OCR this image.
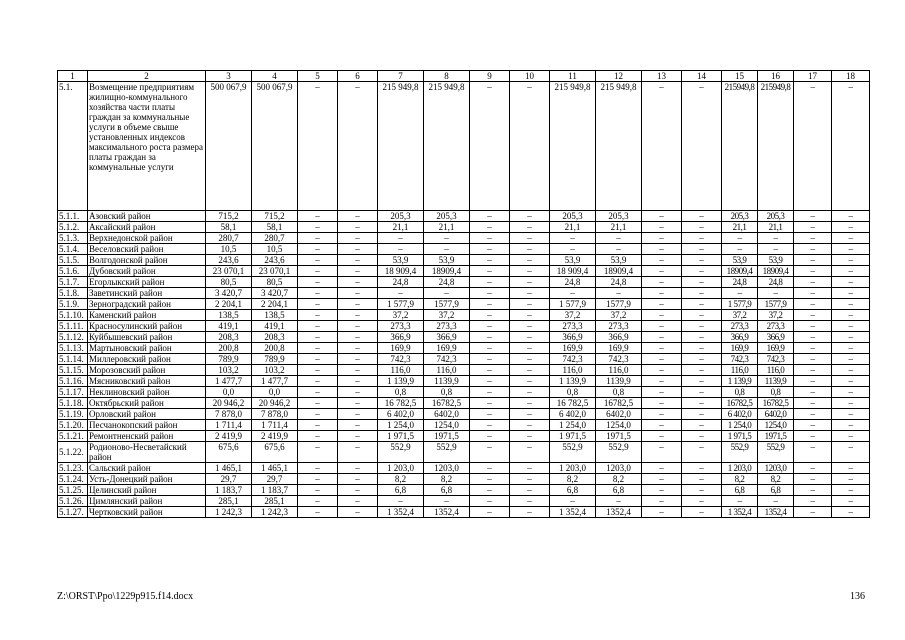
1	2	3	4	5	6	7	8	9	10	11	12	13	14	15	16	17	18
5.1.	Возмещение предприятиям жилищно-коммунального хозяйства части платы граждан за коммунальные услуги в объеме свыше установленных индексов максимального роста размера платы граждан за коммунальные услуги	500 067,9	500 067,9	–	–	215 949,8	215 949,8	–	–	215 949,8	215 949,8	–	–	215949,8	215949,8	–	–
5.1.1.	Азовский район	715,2	715,2	–	–	205,3	205,3	–	–	205,3	205,3	–	–	205,3	205,3	–	–
5.1.2.	Аксайский район	58,1	58,1	–	–	21,1	21,1	–	–	21,1	21,1	–	–	21,1	21,1	–	–
5.1.3.	Верхнедонской район	280,7	280,7	–	–	–	–	–	–	–	–	–	–	–	–	–	–
5.1.4.	Веселовский район	10,5	10,5	–	–	–	–	–	–	–	–	–	–	–	–	–	–
5.1.5.	Волгодонской район	243,6	243,6	–	–	53,9	53,9	–	–	53,9	53,9	–	–	53,9	53,9	–	–
5.1.6.	Дубовский район	23 070,1	23 070,1	–	–	18 909,4	18909,4	–	–	18 909,4	18909,4	–	–	18909,4	18909,4	–	–
5.1.7.	Егорлыкский район	80,5	80,5	–	–	24,8	24,8	–	–	24,8	24,8	–	–	24,8	24,8	–	–
5.1.8.	Заветинский район	3 420,7	3 420,7	–	–	–	–	–	–	–	–	–	–	–	–	–	–
5.1.9.	Зерноградский район	2 204,1	2 204,1	–	–	1 577,9	1577,9	–	–	1 577,9	1577,9	–	–	1 577,9	1577,9	–	–
5.1.10.	Каменский район	138,5	138,5	–	–	37,2	37,2	–	–	37,2	37,2	–	–	37,2	37,2	–	–
5.1.11.	Красносулинский район	419,1	419,1	–	–	273,3	273,3	–	–	273,3	273,3	–	–	273,3	273,3	–	–
5.1.12.	Куйбышевский район	208,3	208,3	–	–	366,9	366,9	–	–	366,9	366,9	–	–	366,9	366,9	–	–
5.1.13.	Мартыновский район	200,8	200,8	–	–	169,9	169,9	–	–	169,9	169,9	–	–	169,9	169,9	–	–
5.1.14.	Миллеровский район	789,9	789,9	–	–	742,3	742,3	–	–	742,3	742,3	–	–	742,3	742,3	–	–
5.1.15.	Морозовский район	103,2	103,2	–	–	116,0	116,0	–	–	116,0	116,0	–	–	116,0	116,0	–	–
5.1.16.	Мясниковский район	1 477,7	1 477,7	–	–	1 139,9	1139,9	–	–	1 139,9	1139,9	–	–	1 139,9	1139,9	–	–
5.1.17.	Неклиновский район	0,0	0,0	–	–	0,8	0,8	–	–	0,8	0,8	–	–	0,8	0,8	–	–
5.1.18.	Октябрьский район	20 946,2	20 946,2	–	–	16 782,5	16782,5	–	–	16 782,5	16782,5	–	–	16782,5	16782,5	–	–
5.1.19.	Орловский район	7 878,0	7 878,0	–	–	6 402,0	6402,0	–	–	6 402,0	6402,0	–	–	6 402,0	6402,0	–	–
5.1.20.	Песчанокопский район	1 711,4	1 711,4	–	–	1 254,0	1254,0	–	–	1 254,0	1254,0	–	–	1 254,0	1254,0	–	–
5.1.21.	Ремонтненский район	2 419,9	2 419,9	–	–	1 971,5	1971,5	–	–	1 971,5	1971,5	–	–	1 971,5	1971,5	–	–
5.1.22.	Родионово-Несветайский район	675,6	675,6	–	–	552,9	552,9	–	–	552,9	552,9	–	–	552,9	552,9	–	–
5.1.23.	Сальский район	1 465,1	1 465,1	–	–	1 203,0	1203,0	–	–	1 203,0	1203,0	–	–	1 203,0	1203,0	–	–
5.1.24.	Усть-Донецкий район	29,7	29,7	–	–	8,2	8,2	–	–	8,2	8,2	–	–	8,2	8,2	–	–
5.1.25.	Целинский район	1 183,7	1 183,7	–	–	6,8	6,8	–	–	6,8	6,8	–	–	6,8	6,8	–	–
5.1.26.	Цимлянский район	285,1	285,1	–	–	–	–	–	–	–	–	–	–	–	–	–	–
5.1.27.	Чертковский район	1 242,3	1 242,3	–	–	1 352,4	1352,4	–	–	1 352,4	1352,4	–	–	1 352,4	1352,4	–	–
Z:\ORST\Ppo\1229p915.f14.docx	136
